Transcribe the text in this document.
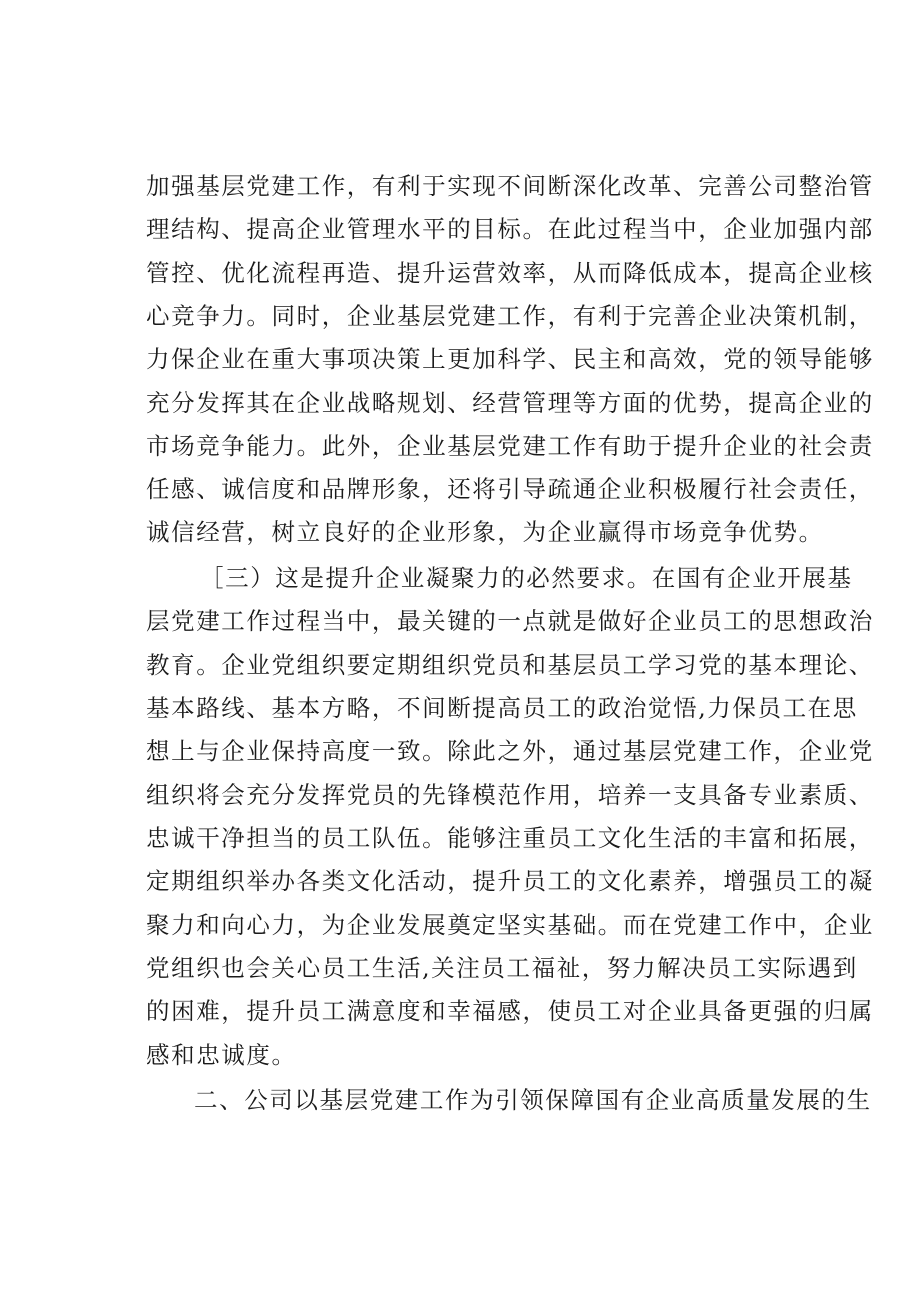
加强基层党建工作，有利于实现不间断深化改革、完善公司整治管
理结构、提高企业管理水平的目标。在此过程当中，企业加强内部
管控、优化流程再造、提升运营效率，从而降低成本，提高企业核
心竞争力。同时，企业基层党建工作，有利于完善企业决策机制，
力保企业在重大事项决策上更加科学、民主和高效，党的领导能够
充分发挥其在企业战略规划、经营管理等方面的优势，提高企业的
市场竞争能力。此外，企业基层党建工作有助于提升企业的社会责
任感、诚信度和品牌形象，还将引导疏通企业积极履行社会责任，
诚信经营，树立良好的企业形象，为企业赢得市场竞争优势。
［三）这是提升企业凝聚力的必然要求。在国有企业开展基
层党建工作过程当中，最关键的一点就是做好企业员工的思想政治
教育。企业党组织要定期组织党员和基层员工学习党的基本理论、
基本路线、基本方略，不间断提高员工的政治觉悟,力保员工在思
想上与企业保持高度一致。除此之外，通过基层党建工作，企业党
组织将会充分发挥党员的先锋模范作用，培养一支具备专业素质、
忠诚干净担当的员工队伍。能够注重员工文化生活的丰富和拓展，
定期组织举办各类文化活动，提升员工的文化素养，增强员工的凝
聚力和向心力，为企业发展奠定坚实基础。而在党建工作中，企业
党组织也会关心员工生活,关注员工福祉，努力解决员工实际遇到
的困难，提升员工满意度和幸福感，使员工对企业具备更强的归属
感和忠诚度。
二、公司以基层党建工作为引领保障国有企业高质量发展的生
